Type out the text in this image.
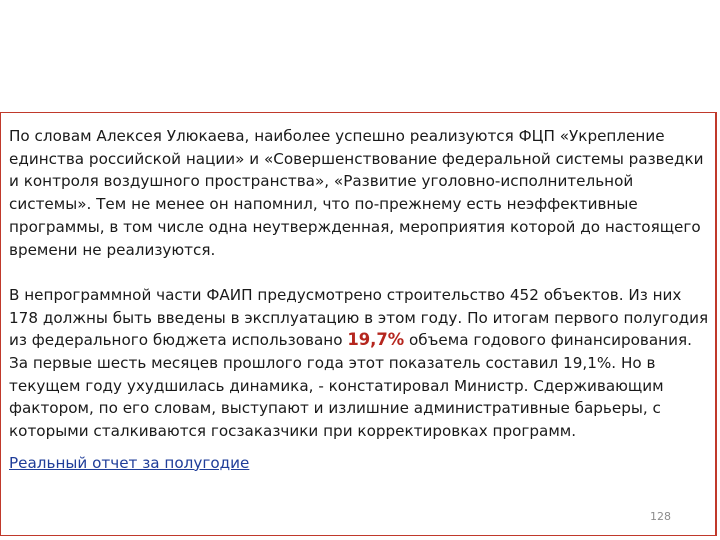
По словам Алексея Улюкаева, наиболее успешно реализуются ФЦП «Укрепление единства российской нации» и «Совершенствование федеральной системы разведки и контроля воздушного пространства», «Развитие уголовно-исполнительной системы». Тем не менее он напомнил, что по-прежнему есть неэффективные программы, в том числе одна неутвержденная, мероприятия которой до настоящего времени не реализуются.

В непрограммной части ФАИП предусмотрено строительство 452 объектов. Из них 178 должны быть введены в эксплуатацию в этом году. По итогам первого полугодия из федерального бюджета использовано 19,7% объема годового финансирования. За первые шесть месяцев прошлого года этот показатель составил 19,1%. Но в текущем году ухудшилась динамика, - констатировал Министр. Сдерживающим фактором, по его словам, выступают и излишние административные барьеры, с которыми сталкиваются госзаказчики при корректировках программ.

Реальный отчет за полугодие
128
